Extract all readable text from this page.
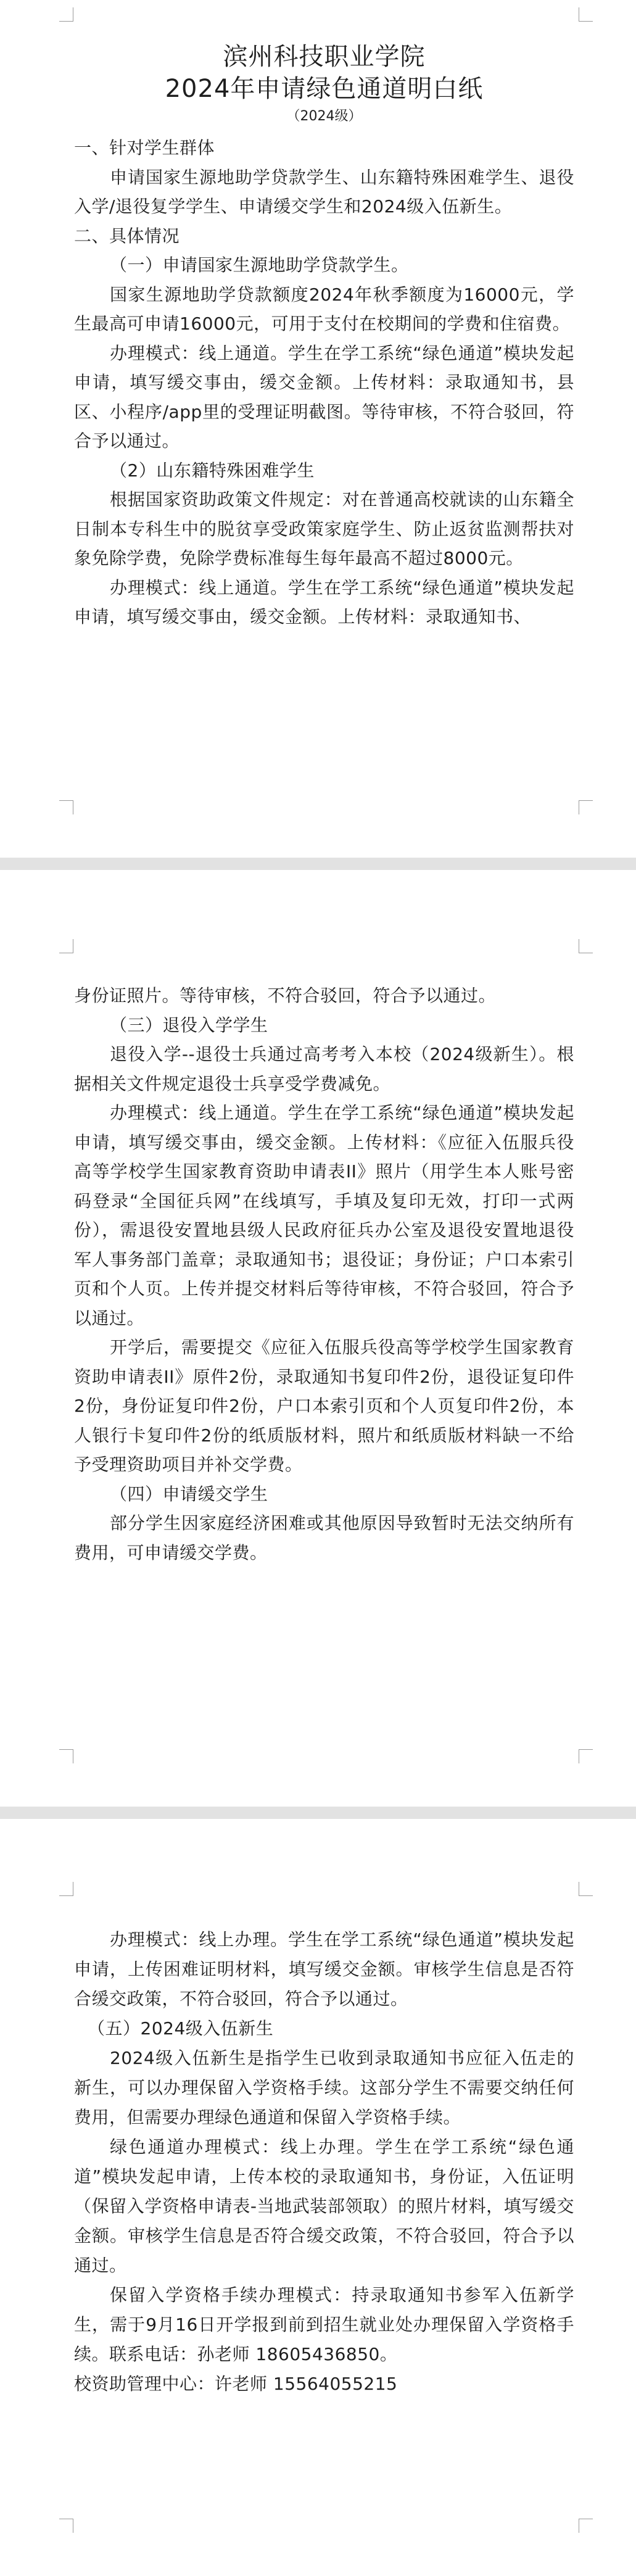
滨州科技职业学院
2024年申请绿色通道明白纸
（2024级）

一、针对学生群体

申请国家生源地助学贷款学生、山东籍特殊困难学生、退役入学/退役复学学生、申请缓交学生和2024级入伍新生。

二、具体情况

（一）申请国家生源地助学贷款学生。

国家生源地助学贷款额度2024年秋季额度为16000元，学生最高可申请16000元，可用于支付在校期间的学费和住宿费。

办理模式：线上通道。学生在学工系统“绿色通道”模块发起申请，填写缓交事由，缓交金额。上传材料：录取通知书，县区、小程序/app里的受理证明截图。等待审核，不符合驳回，符合予以通过。

（2）山东籍特殊困难学生

根据国家资助政策文件规定：对在普通高校就读的山东籍全日制本专科生中的脱贫享受政策家庭学生、防止返贫监测帮扶对象免除学费，免除学费标准每生每年最高不超过8000元。

办理模式：线上通道。学生在学工系统“绿色通道”模块发起申请，填写缓交事由，缓交金额。上传材料：录取通知书、

身份证照片。等待审核，不符合驳回，符合予以通过。

（三）退役入学学生

退役入学--退役士兵通过高考考入本校（2024级新生）。根据相关文件规定退役士兵享受学费减免。

办理模式：线上通道。学生在学工系统“绿色通道”模块发起申请，填写缓交事由，缓交金额。上传材料：《应征入伍服兵役高等学校学生国家教育资助申请表II》照片（用学生本人账号密码登录“全国征兵网”在线填写，手填及复印无效，打印一式两份），需退役安置地县级人民政府征兵办公室及退役安置地退役军人事务部门盖章；录取通知书；退役证；身份证；户口本索引页和个人页。上传并提交材料后等待审核，不符合驳回，符合予以通过。

开学后，需要提交《应征入伍服兵役高等学校学生国家教育资助申请表II》原件2份，录取通知书复印件2份，退役证复印件2份，身份证复印件2份，户口本索引页和个人页复印件2份，本人银行卡复印件2份的纸质版材料，照片和纸质版材料缺一不给予受理资助项目并补交学费。

（四）申请缓交学生

部分学生因家庭经济困难或其他原因导致暂时无法交纳所有费用，可申请缓交学费。

办理模式：线上办理。学生在学工系统“绿色通道”模块发起申请，上传困难证明材料，填写缓交金额。审核学生信息是否符合缓交政策，不符合驳回，符合予以通过。

（五）2024级入伍新生

2024级入伍新生是指学生已收到录取通知书应征入伍走的新生，可以办理保留入学资格手续。这部分学生不需要交纳任何费用，但需要办理绿色通道和保留入学资格手续。

绿色通道办理模式：线上办理。学生在学工系统“绿色通道”模块发起申请，上传本校的录取通知书，身份证，入伍证明（保留入学资格申请表-当地武装部领取）的照片材料，填写缓交金额。审核学生信息是否符合缓交政策，不符合驳回，符合予以通过。

保留入学资格手续办理模式：持录取通知书参军入伍新学生，需于9月16日开学报到前到招生就业处办理保留入学资格手续。联系电话：孙老师 18605436850。

校资助管理中心：许老师 15564055215
